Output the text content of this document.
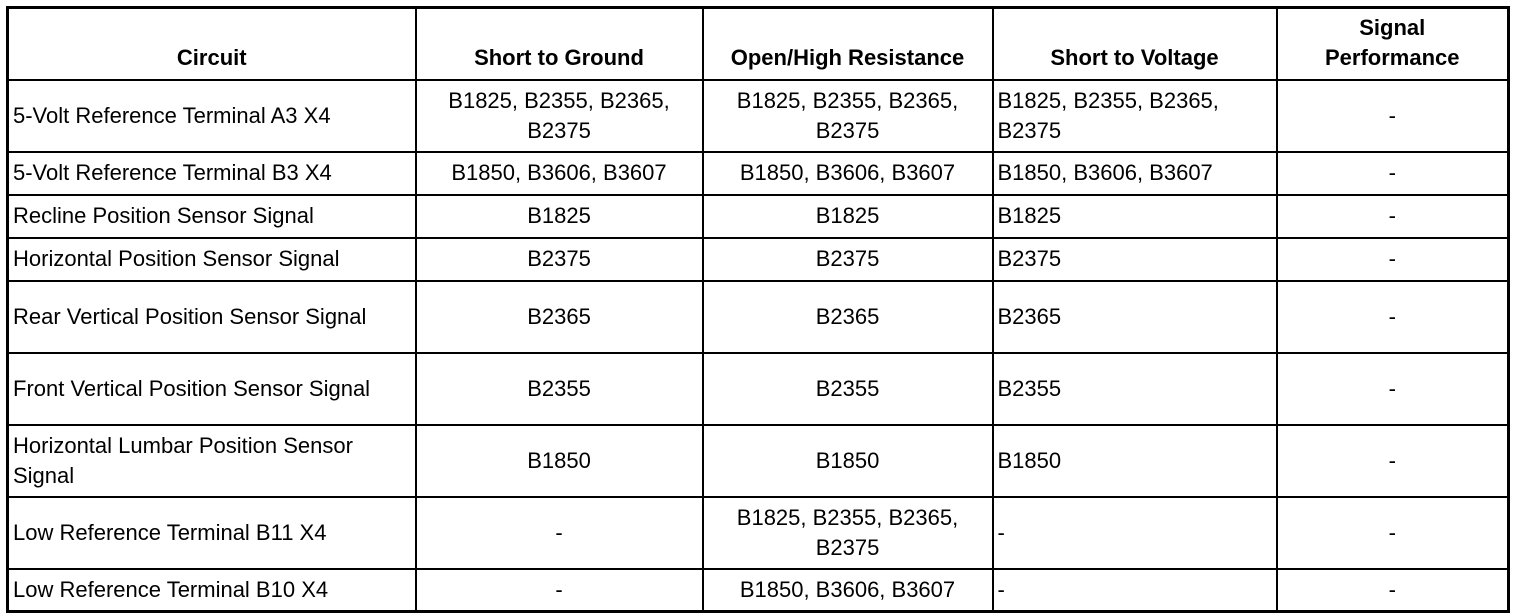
Circuit	Short to Ground	Open/High Resistance	Short to Voltage	Signal Performance
5-Volt Reference Terminal A3 X4	B1825, B2355, B2365, B2375	B1825, B2355, B2365, B2375	B1825, B2355, B2365, B2375	-
5-Volt Reference Terminal B3 X4	B1850, B3606, B3607	B1850, B3606, B3607	B1850, B3606, B3607	-
Recline Position Sensor Signal	B1825	B1825	B1825	-
Horizontal Position Sensor Signal	B2375	B2375	B2375	-
Rear Vertical Position Sensor Signal	B2365	B2365	B2365	-
Front Vertical Position Sensor Signal	B2355	B2355	B2355	-
Horizontal Lumbar Position Sensor Signal	B1850	B1850	B1850	-
Low Reference Terminal B11 X4	-	B1825, B2355, B2365, B2375	-	-
Low Reference Terminal B10 X4	-	B1850, B3606, B3607	-	-
